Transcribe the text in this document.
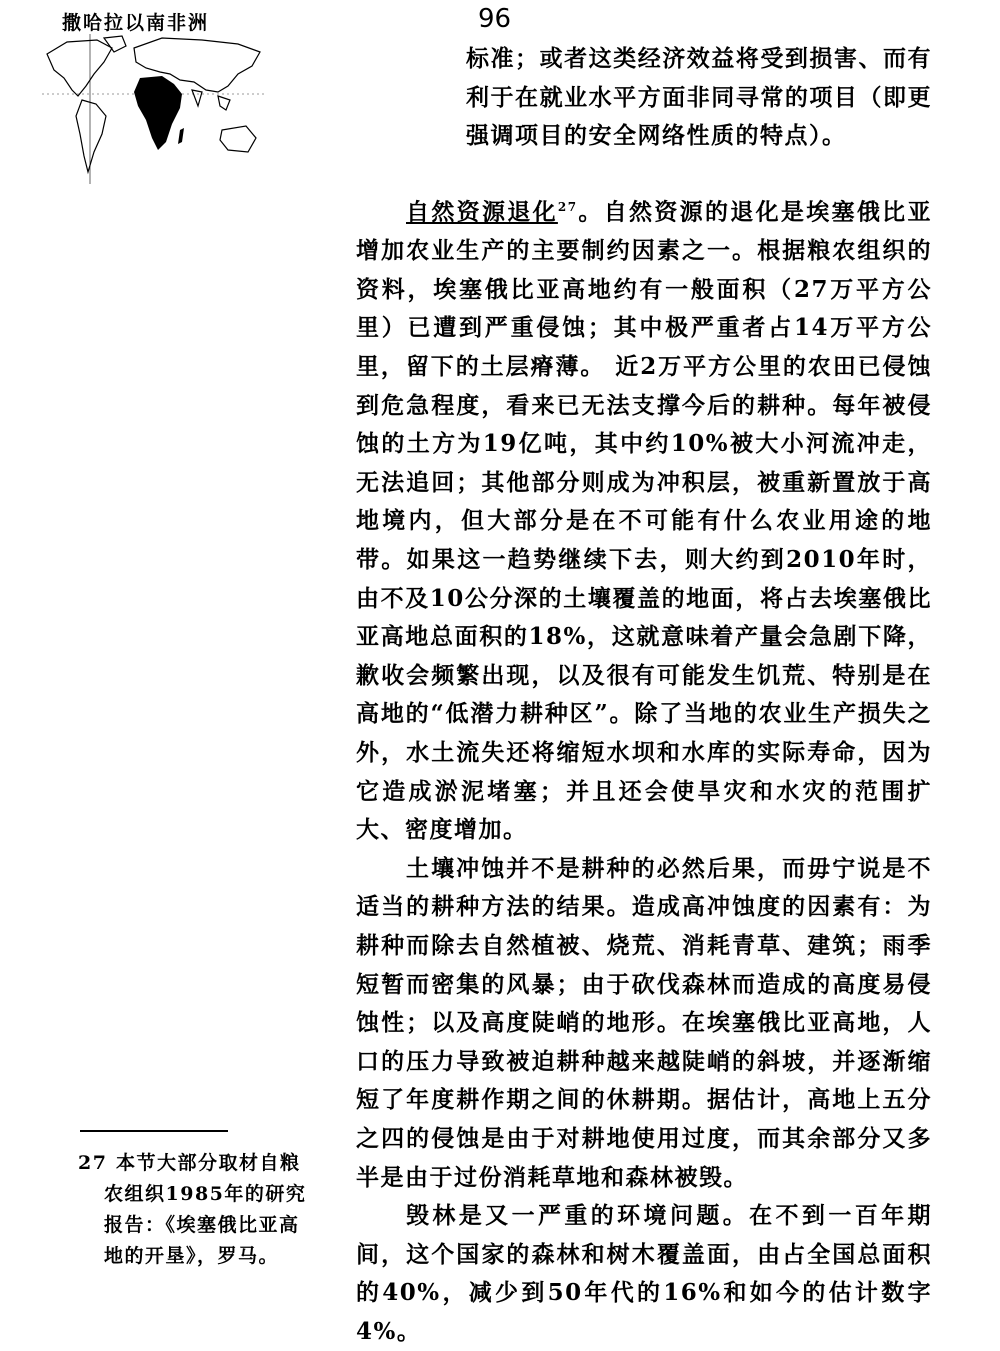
撒哈拉以南非洲	96

标准；或者这类经济效益将受到损害、而有利于在就业水平方面非同寻常的项目（即更强调项目的安全网络性质的特点）。

自然资源退化$^{27}$。自然资源的退化是埃塞俄比亚增加农业生产的主要制约因素之一。根据粮农组织的资料，埃塞俄比亚高地约有一般面积（27万平方公里）已遭到严重侵蚀；其中极严重者占14万平方公里，留下的土层瘠薄。 近2万平方公里的农田已侵蚀到危急程度，看来已无法支撑今后的耕种。每年被侵蚀的土方为19亿吨，其中约10%被大小河流冲走，无法追回；其他部分则成为冲积层，被重新置放于高地境内，但大部分是在不可能有什么农业用途的地带。如果这一趋势继续下去，则大约到2010年时，由不及10公分深的土壤覆盖的地面，将占去埃塞俄比亚高地总面积的18%，这就意味着产量会急剧下降，歉收会频繁出现，以及很有可能发生饥荒、特别是在高地的“低潜力耕种区”。除了当地的农业生产损失之外，水土流失还将缩短水坝和水库的实际寿命，因为它造成淤泥堵塞；并且还会使旱灾和水灾的范围扩大、密度增加。

土壤冲蚀并不是耕种的必然后果，而毋宁说是不适当的耕种方法的结果。造成高冲蚀度的因素有：为耕种而除去自然植被、烧荒、消耗青草、建筑；雨季短暂而密集的风暴；由于砍伐森林而造成的高度易侵蚀性；以及高度陡峭的地形。在埃塞俄比亚高地，人口的压力导致被迫耕种越来越陡峭的斜坡，并逐渐缩短了年度耕作期之间的休耕期。据估计，高地上五分之四的侵蚀是由于对耕地使用过度，而其余部分又多半是由于过份消耗草地和森林被毁。

毁林是又一严重的环境问题。在不到一百年期间，这个国家的森林和树木覆盖面，由占全国总面积的40%，减少到50年代的16%和如今的估计数字4%。

27 本节大部分取材自粮农组织1985年的研究报告：《埃塞俄比亚高地的开垦》，罗马。
